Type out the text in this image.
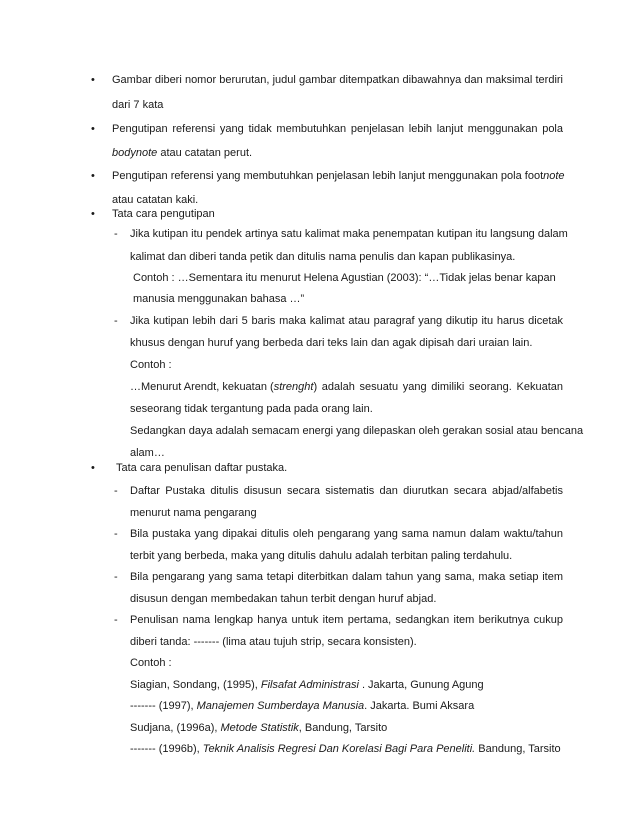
• Gambar diberi nomor berurutan, judul gambar ditempatkan dibawahnya dan maksimal terdiri
dari 7 kata
• Pengutipan referensi yang tidak membutuhkan penjelasan lebih lanjut menggunakan pola
bodynote atau catatan perut.
• Pengutipan referensi yang membutuhkan penjelasan lebih lanjut menggunakan pola foot note
atau catatan kaki.
• Tata cara pengutipan
- Jika kutipan itu pendek artinya satu kalimat maka penempatan kutipan itu langsung dalam
kalimat dan diberi tanda petik dan ditulis nama penulis dan kapan publikasinya.
Contoh : …Sementara itu menurut Helena Agustian (2003): “…Tidak jelas benar kapan
manusia menggunakan bahasa …”
- Jika kutipan lebih dari 5 baris maka kalimat atau paragraf yang dikutip itu harus dicetak
khusus dengan huruf yang berbeda dari teks lain dan agak dipisah dari uraian lain.
Contoh :
…Menurut Arendt, kekuatan ( strenght ) adalah sesuatu yang dimiliki seorang. Kekuatan
seseorang tidak tergantung pada pada orang lain.
Sedangkan daya adalah semacam energi yang dilepaskan oleh gerakan sosial atau bencana
alam…
• Tata cara penulisan daftar pustaka.
- Daftar Pustaka ditulis disusun secara sistematis dan diurutkan secara abjad/alfabetis
menurut nama pengarang
- Bila pustaka yang dipakai ditulis oleh pengarang yang sama namun dalam waktu/tahun
terbit yang berbeda, maka yang ditulis dahulu adalah terbitan paling terdahulu.
- Bila pengarang yang sama tetapi diterbitkan dalam tahun yang sama, maka setiap item
disusun dengan membedakan tahun terbit dengan huruf abjad.
- Penulisan nama lengkap hanya untuk item pertama, sedangkan item berikutnya cukup
diberi tanda: ------- (lima atau tujuh strip, secara konsisten).
Contoh :
Siagian, Sondang, (1995), Filsafat Administrasi . Jakarta, Gunung Agung
------- (1997), Manajemen Sumberdaya Manusia. Jakarta. Bumi Aksara
Sudjana, (1996a), Metode Statistik, Bandung, Tarsito
------- (1996b), Teknik Analisis Regresi Dan Korelasi Bagi Para Peneliti. Bandung, Tarsito
